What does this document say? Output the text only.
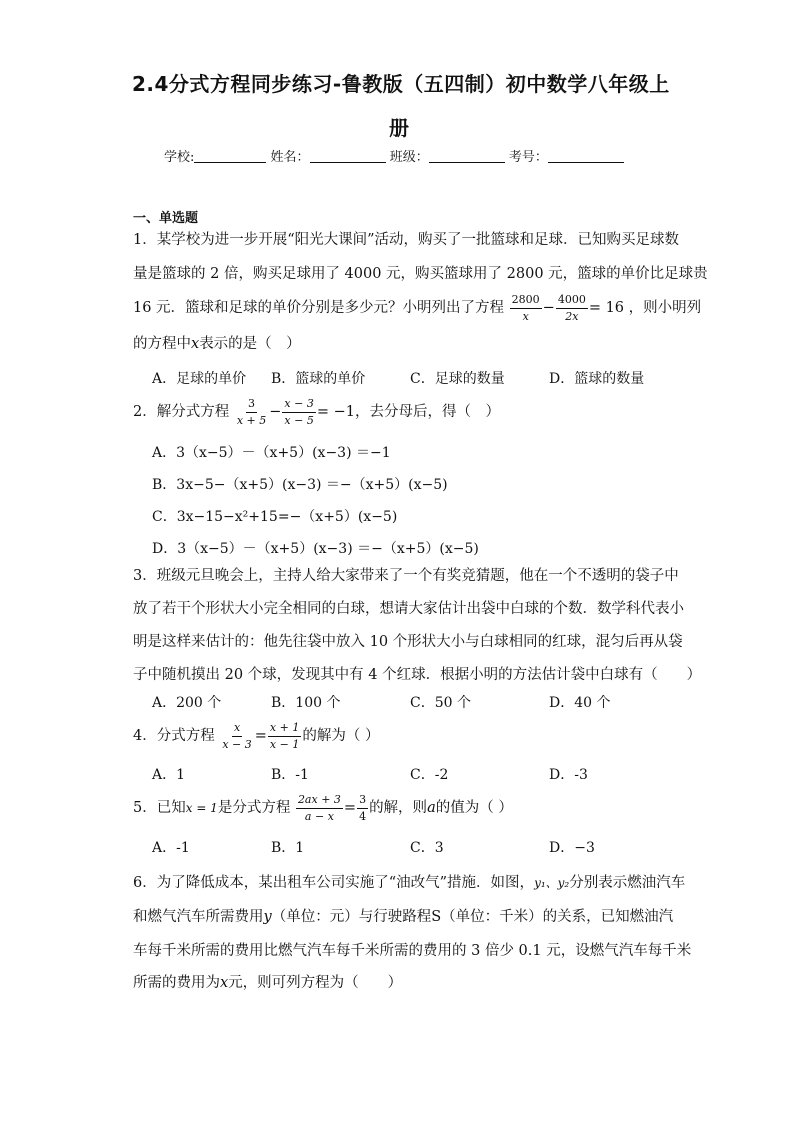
2.4分式方程同步练习-鲁教版（五四制）初中数学八年级上
册
学校:	姓名：	班级：	考号：
一、单选题
1．某学校为进一步开展“阳光大课间”活动，购买了一批篮球和足球．已知购买足球数
量是篮球的 2 倍，购买足球用了 4000 元，购买篮球用了 2800 元，篮球的单价比足球贵
16 元．篮球和足球的单价分别是多少元？小明列出了方程 $\frac{2800}{x} - \frac{4000}{2x} = 16$ ，则小明列
的方程中x表示的是（　）
A．足球的单价 B．篮球的单价	C．足球的数量	D．篮球的数量
2．解分式方程 $\frac{3}{x + 5} - \frac{x - 3}{x - 5} = -1$，去分母后，得（　）
A．3（x−5）－（x+5）(x−3) ＝−1
B．3x−5−（x+5）(x−3) ＝−（x+5）(x−5)
C．3x−15−x²+15=−（x+5）(x−5)
D．3（x−5）－（x+5）(x−3) ＝−（x+5）(x−5)
3．班级元旦晚会上，主持人给大家带来了一个有奖竞猜题，他在一个不透明的袋子中
放了若干个形状大小完全相同的白球，想请大家估计出袋中白球的个数．数学科代表小
明是这样来估计的：他先往袋中放入 10 个形状大小与白球相同的红球，混匀后再从袋
子中随机摸出 20 个球，发现其中有 4 个红球．根据小明的方法估计袋中白球有（　　）
A．200 个	B．100 个	C．50 个	D．40 个
4．分式方程 $\frac{x}{x - 3} = \frac{x + 1}{x - 1}$ 的解为（ ）
A．1	B．-1	C．-2	D．-3
5．已知x = 1是分式方程 $\frac{2ax + 3}{a - x} = \frac{3}{4}$ 的解，则a的值为（ ）
A．-1	B．1	C．3	D．−3
6．为了降低成本，某出租车公司实施了“油改气”措施．如图，y₁、y₂分别表示燃油汽车
和燃气汽车所需费用y（单位：元）与行驶路程S（单位：千米）的关系，已知燃油汽
车每千米所需的费用比燃气汽车每千米所需的费用的 3 倍少 0.1 元，设燃气汽车每千米
所需的费用为x元，则可列方程为（　　）
